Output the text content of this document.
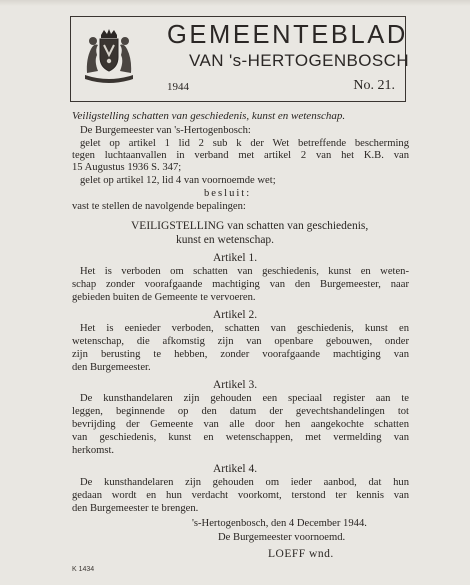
GEMEENTEBLAD
VAN 's-HERTOGENBOSCH
1944	No. 21.
Veiligstelling schatten van geschiedenis, kunst en wetenschap.
De Burgemeester van 's-Hertogenbosch:
gelet op artikel 1 lid 2 sub k der Wet betreffende bescherming
tegen luchtaanvallen in verband met artikel 2 van het K.B. van
15 Augustus 1936 S. 347;
gelet op artikel 12, lid 4 van voornoemde wet;
besluit:
vast te stellen de navolgende bepalingen:
VEILIGSTELLING van schatten van geschiedenis,
kunst en wetenschap.
Artikel 1.
Het is verboden om schatten van geschiedenis, kunst en weten-
schap zonder voorafgaande machtiging van den Burgemeester, naar
gebieden buiten de Gemeente te vervoeren.
Artikel 2.
Het is eenieder verboden, schatten van geschiedenis, kunst en
wetenschap, die afkomstig zijn van openbare gebouwen, onder
zijn berusting te hebben, zonder voorafgaande machtiging van
den Burgemeester.
Artikel 3.
De kunsthandelaren zijn gehouden een speciaal register aan te
leggen, beginnende op den datum der gevechtshandelingen tot
bevrijding der Gemeente van alle door hen aangekochte schatten
van geschiedenis, kunst en wetenschappen, met vermelding van
herkomst.
Artikel 4.
De kunsthandelaren zijn gehouden om ieder aanbod, dat hun
gedaan wordt en hun verdacht voorkomt, terstond ter kennis van
den Burgemeester te brengen.
's-Hertogenbosch, den 4 December 1944.
De Burgemeester voornoemd.
LOEFF wnd.
K 1434
